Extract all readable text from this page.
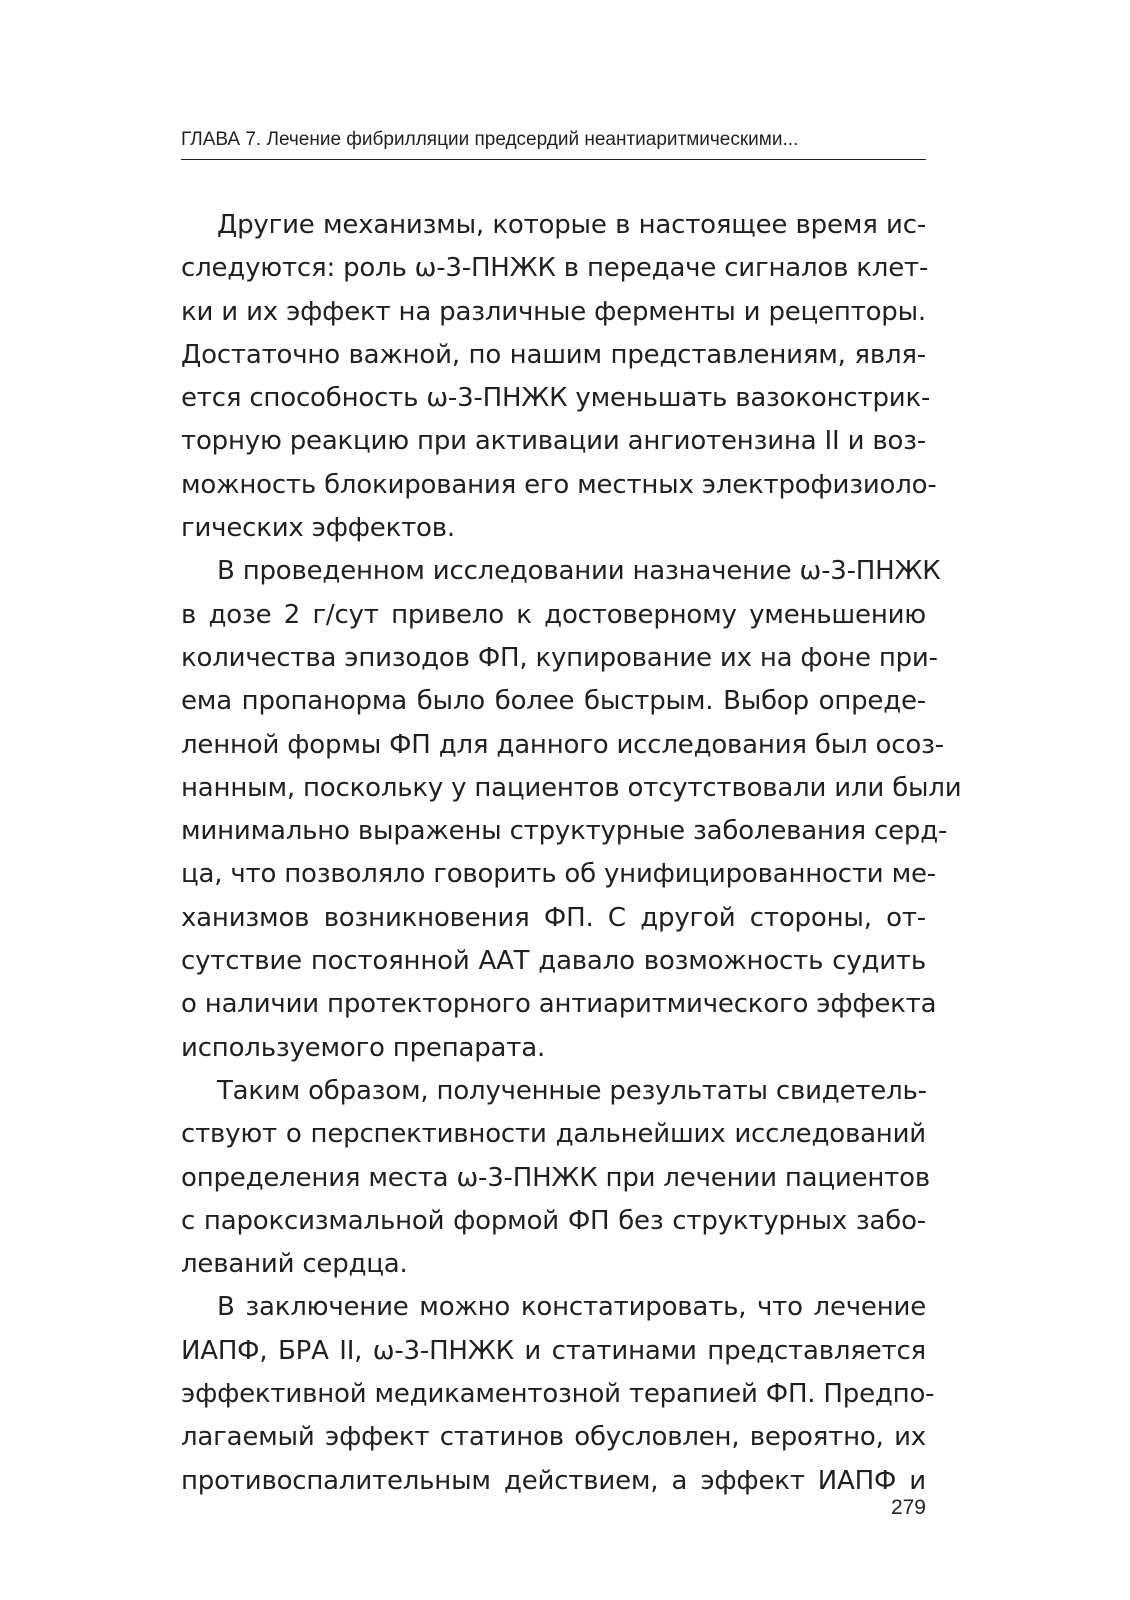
ГЛАВА 7. Лечение фибрилляции предсердий неантиаритмическими...
Другие механизмы, которые в настоящее время ис-
следуются: роль ω-3-ПНЖК в передаче сигналов клет-
ки и их эффект на различные ферменты и рецепторы.
Достаточно важной, по нашим представлениям, явля-
ется способность ω-3-ПНЖК уменьшать вазоконстрик-
торную реакцию при активации ангиотензина II и воз-
можность блокирования его местных электрофизиоло-
гических эффектов.
В проведенном исследовании назначение ω-3-ПНЖК
в дозе 2 г/сут привело к достоверному уменьшению
количества эпизодов ФП, купирование их на фоне при-
ема пропанорма было более быстрым. Выбор опреде-
ленной формы ФП для данного исследования был осоз-
нанным, поскольку у пациентов отсутствовали или были
минимально выражены структурные заболевания серд-
ца, что позволяло говорить об унифицированности ме-
ханизмов возникновения ФП. С другой стороны, от-
сутствие постоянной ААТ давало возможность судить
о наличии протекторного антиаритмического эффекта
используемого препарата.
Таким образом, полученные результаты свидетель-
ствуют о перспективности дальнейших исследований
определения места ω-3-ПНЖК при лечении пациентов
с пароксизмальной формой ФП без структурных забо-
леваний сердца.
В заключение можно констатировать, что лечение
ИАПФ, БРА II, ω-3-ПНЖК и статинами представляется
эффективной медикаментозной терапией ФП. Предпо-
лагаемый эффект статинов обусловлен, вероятно, их
противоспалительным действием, а эффект ИАПФ и
279
